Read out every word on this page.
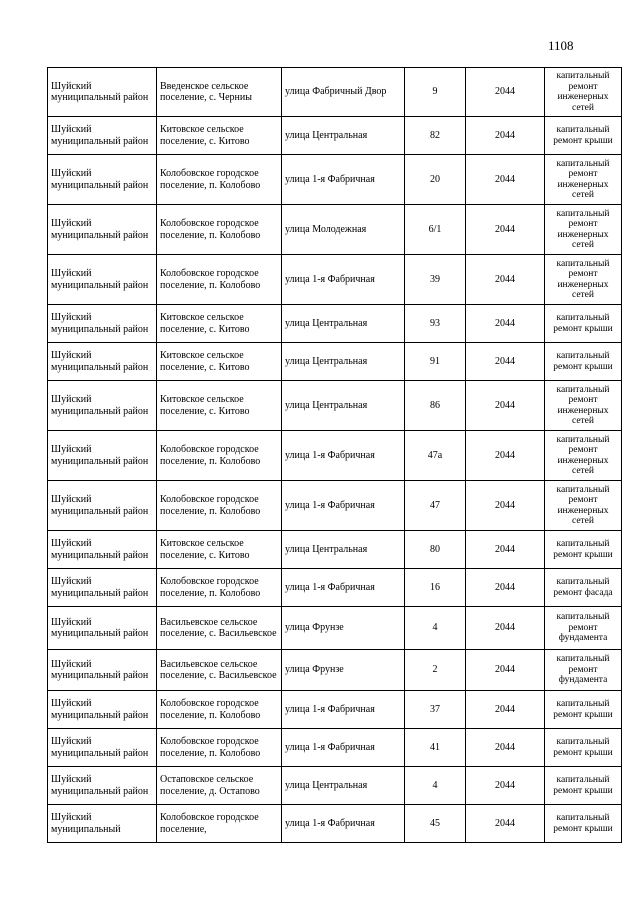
1108
Шуйский муниципальный район	Введенское сельское поселение, с. Черниы	улица Фабричный Двор	9	2044	капитальный ремонт инженерных сетей
Шуйский муниципальный район	Китовское сельское поселение, с. Китово	улица Центральная	82	2044	капитальный ремонт крыши
Шуйский муниципальный район	Колобовское городское поселение, п. Колобово	улица 1-я Фабричная	20	2044	капитальный ремонт инженерных сетей
Шуйский муниципальный район	Колобовское городское поселение, п. Колобово	улица Молодежная	6/1	2044	капитальный ремонт инженерных сетей
Шуйский муниципальный район	Колобовское городское поселение, п. Колобово	улица 1-я Фабричная	39	2044	капитальный ремонт инженерных сетей
Шуйский муниципальный район	Китовское сельское поселение, с. Китово	улица Центральная	93	2044	капитальный ремонт крыши
Шуйский муниципальный район	Китовское сельское поселение, с. Китово	улица Центральная	91	2044	капитальный ремонт крыши
Шуйский муниципальный район	Китовское сельское поселение, с. Китово	улица Центральная	86	2044	капитальный ремонт инженерных сетей
Шуйский муниципальный район	Колобовское городское поселение, п. Колобово	улица 1-я Фабричная	47а	2044	капитальный ремонт инженерных сетей
Шуйский муниципальный район	Колобовское городское поселение, п. Колобово	улица 1-я Фабричная	47	2044	капитальный ремонт инженерных сетей
Шуйский муниципальный район	Китовское сельское поселение, с. Китово	улица Центральная	80	2044	капитальный ремонт крыши
Шуйский муниципальный район	Колобовское городское поселение, п. Колобово	улица 1-я Фабричная	16	2044	капитальный ремонт фасада
Шуйский муниципальный район	Васильевское сельское поселение, с. Васильевское	улица Фрунзе	4	2044	капитальный ремонт фундамента
Шуйский муниципальный район	Васильевское сельское поселение, с. Васильевское	улица Фрунзе	2	2044	капитальный ремонт фундамента
Шуйский муниципальный район	Колобовское городское поселение, п. Колобово	улица 1-я Фабричная	37	2044	капитальный ремонт крыши
Шуйский муниципальный район	Колобовское городское поселение, п. Колобово	улица 1-я Фабричная	41	2044	капитальный ремонт крыши
Шуйский муниципальный район	Остаповское сельское поселение, д. Остапово	улица Центральная	4	2044	капитальный ремонт крыши
Шуйский муниципальный	Колобовское городское поселение,	улица 1-я Фабричная	45	2044	капитальный ремонт крыши
